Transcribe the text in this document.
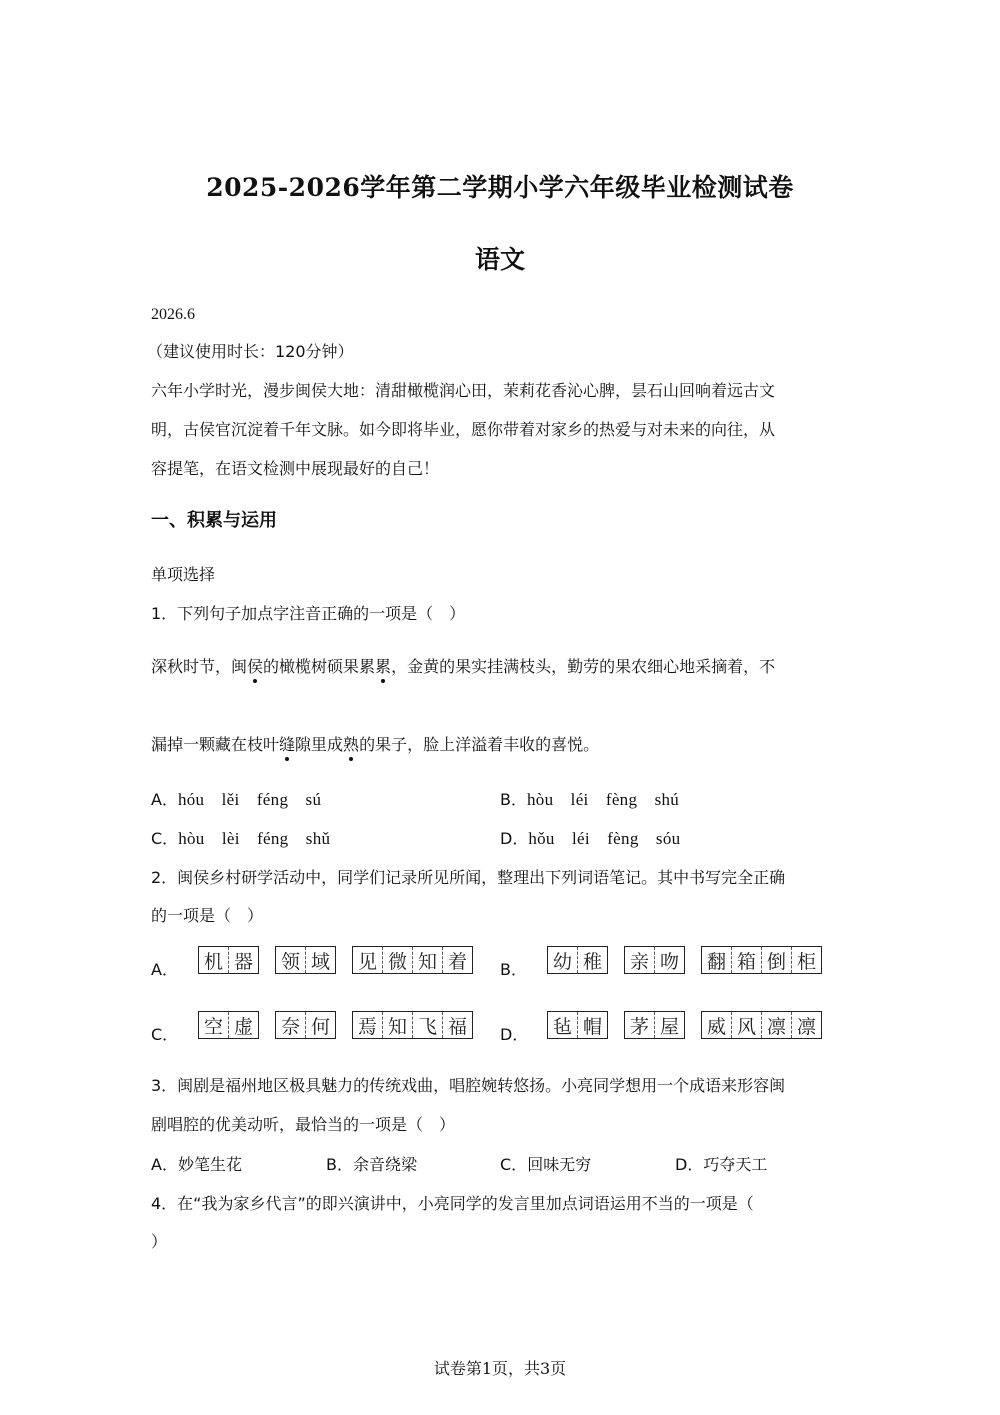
2025-2026学年第二学期小学六年级毕业检测试卷
语文
2026.6
（建议使用时长：120分钟）
六年小学时光，漫步闽侯大地：清甜橄榄润心田，茉莉花香沁心脾，昙石山回响着远古文
明，古侯官沉淀着千年文脉。如今即将毕业，愿你带着对家乡的热爱与对未来的向往，从
容提笔，在语文检测中展现最好的自己！
一、积累与运用
单项选择
1．下列句子加点字注音正确的一项是（　）
深秋时节，闽侯的橄榄树硕果累累，金黄的果实挂满枝头，勤劳的果农细心地采摘着，不
漏掉一颗藏在枝叶缝隙里成熟的果子，脸上洋溢着丰收的喜悦。
A．hóu　lěi　féng　sú	B．hòu　léi　fèng　shú
C．hòu　lèi　féng　shǔ	D．hǒu　léi　fèng　sóu
2．闽侯乡村研学活动中，同学们记录所见所闻，整理出下列词语笔记。其中书写完全正确
的一项是（　）
A． 机 器 领 域 见 微 知 着	B． 幼 稚 亲 吻 翻 箱 倒 柜
C． 空 虚 奈 何 焉 知 飞 福	D． 毡 帽 茅 屋 威 风 凛 凛
3．闽剧是福州地区极具魅力的传统戏曲，唱腔婉转悠扬。小亮同学想用一个成语来形容闽
剧唱腔的优美动听，最恰当的一项是（　）
A．妙笔生花	B．余音绕梁	C．回味无穷	D．巧夺天工
4．在“我为家乡代言”的即兴演讲中，小亮同学的发言里加点词语运用不当的一项是（
）
试卷第1页，共3页
